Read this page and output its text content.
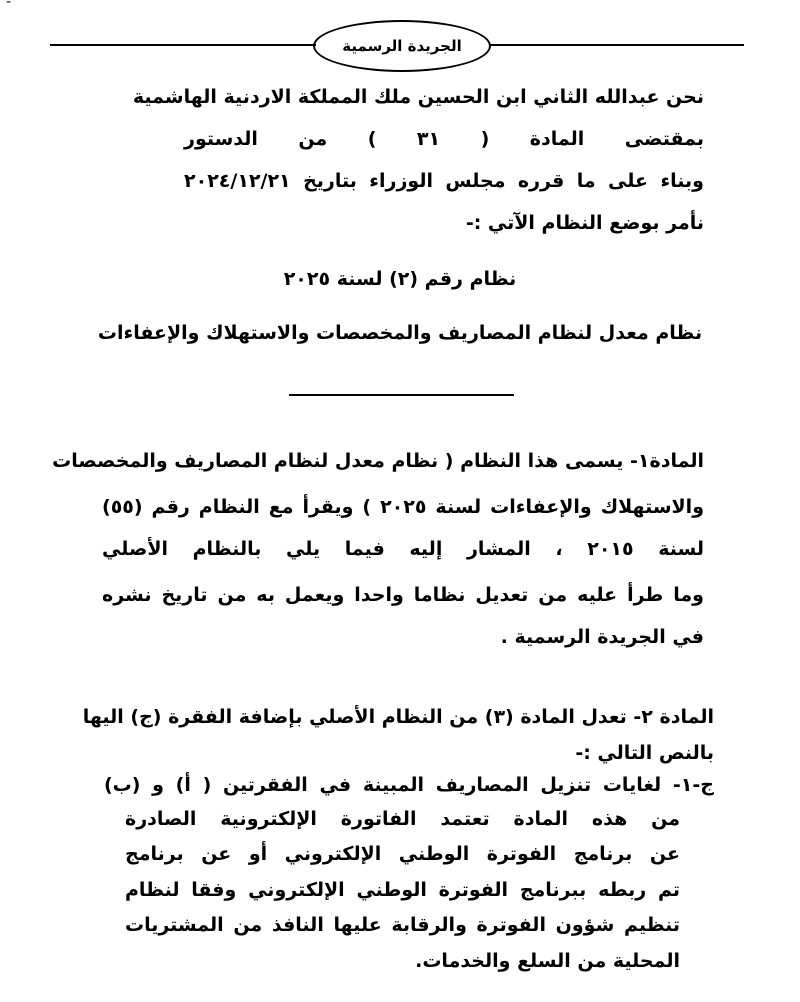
-
الجريدة الرسمية
نحن عبدالله الثاني ابن الحسين ملك المملكة الاردنية الهاشمية
بمقتضى المادة ( ٣١ ) من الدستور
وبناء على ما قرره مجلس الوزراء بتاريخ ٢٠٢٤/١٢/٢١
نأمر بوضع النظام الآتي :-
نظام رقم (٢) لسنة ٢٠٢٥
نظام معدل لنظام المصاريف والمخصصات والاستهلاك والإعفاءات
المادة١- يسمى هذا النظام ( نظام معدل لنظام المصاريف والمخصصات
والاستهلاك والإعفاءات لسنة ٢٠٢٥ ) ويقرأ مع النظام رقم (٥٥)
لسنة ٢٠١٥ ، المشار إليه فيما يلي بالنظام الأصلي
وما طرأ عليه من تعديل نظاما واحدا ويعمل به من تاريخ نشره
في الجريدة الرسمية .
المادة ٢- تعدل المادة (٣) من النظام الأصلي بإضافة الفقرة (ج) اليها
بالنص التالي :-
ج-١- لغايات تنزيل المصاريف المبينة في الفقرتين ( أ) و (ب)
من هذه المادة تعتمد الفاتورة الإلكترونية الصادرة
عن برنامج الفوترة الوطني الإلكتروني أو عن برنامج
تم ربطه ببرنامج الفوترة الوطني الإلكتروني وفقا لنظام
تنظيم شؤون الفوترة والرقابة عليها النافذ من المشتريات
المحلية من السلع والخدمات.
